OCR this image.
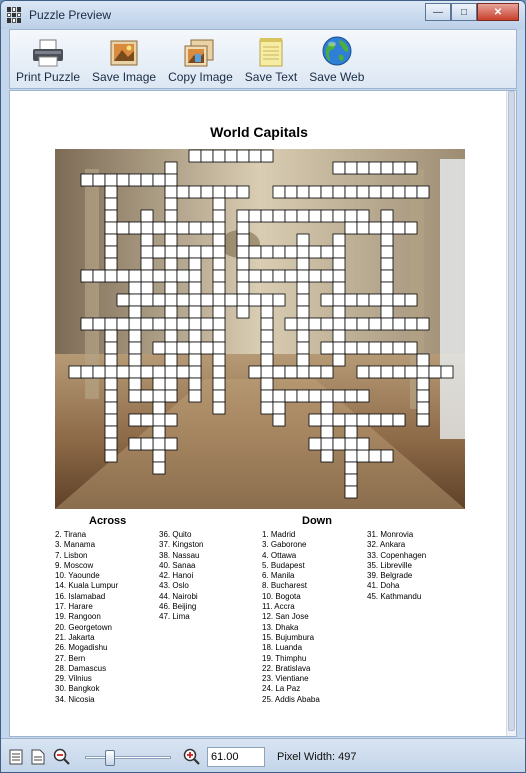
Puzzle Preview	—	□	✕
Print Puzzle Save Image Copy Image Save Text Save Web
World Capitals
Across	Down
2. Tirana
3. Manama
7. Lisbon
9. Moscow
10. Yaounde
14. Kuala Lumpur
16. Islamabad
17. Harare
19. Rangoon
20. Georgetown
21. Jakarta
26. Mogadishu
27. Bern
28. Damascus
29. Vilnius
30. Bangkok
34. Nicosia
36. Quito
37. Kingston
38. Nassau
40. Sanaa
42. Hanoi
43. Oslo
44. Nairobi
46. Beijing
47. Lima
1. Madrid
3. Gaborone
4. Ottawa
5. Budapest
6. Manila
8. Bucharest
10. Bogota
11. Accra
12. San Jose
13. Dhaka
15. Bujumbura
18. Luanda
19. Thimphu
22. Bratislava
23. Vientiane
24. La Paz
25. Addis Ababa
31. Monrovia
32. Ankara
33. Copenhagen
35. Libreville
39. Belgrade
41. Doha
45. Kathmandu
61.00	Pixel Width: 497
